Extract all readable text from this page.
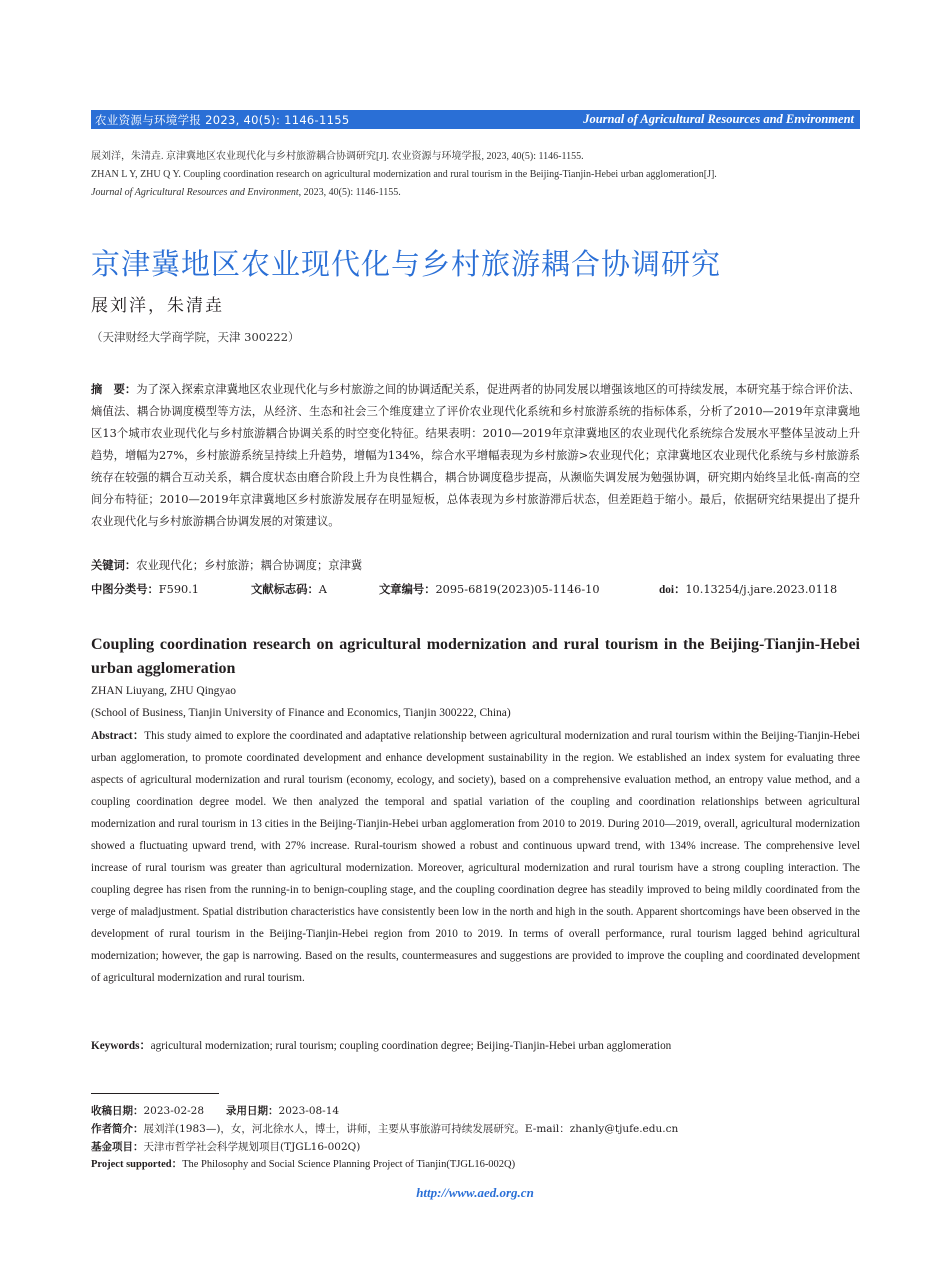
农业资源与环境学报 2023, 40(5): 1146-1155	Journal of Agricultural Resources and Environment
展刘洋，朱清垚. 京津冀地区农业现代化与乡村旅游耦合协调研究[J]. 农业资源与环境学报, 2023, 40(5): 1146-1155.
ZHAN L Y, ZHU Q Y. Coupling coordination research on agricultural modernization and rural tourism in the Beijing-Tianjin-Hebei urban agglomeration[J].
Journal of Agricultural Resources and Environment, 2023, 40(5): 1146-1155.
京津冀地区农业现代化与乡村旅游耦合协调研究
展刘洋，朱清垚
（天津财经大学商学院，天津 300222）
摘　要：为了深入探索京津冀地区农业现代化与乡村旅游之间的协调适配关系，促进两者的协同发展以增强该地区的可持续发展，本研究基于综合评价法、熵值法、耦合协调度模型等方法，从经济、生态和社会三个维度建立了评价农业现代化系统和乡村旅游系统的指标体系，分析了2010—2019年京津冀地区13个城市农业现代化与乡村旅游耦合协调关系的时空变化特征。结果表明：2010—2019年京津冀地区的农业现代化系统综合发展水平整体呈波动上升趋势，增幅为27%，乡村旅游系统呈持续上升趋势，增幅为134%，综合水平增幅表现为乡村旅游>农业现代化；京津冀地区农业现代化系统与乡村旅游系统存在较强的耦合互动关系，耦合度状态由磨合阶段上升为良性耦合，耦合协调度稳步提高，从濒临失调发展为勉强协调，研究期内始终呈北低-南高的空间分布特征；2010—2019年京津冀地区乡村旅游发展存在明显短板，总体表现为乡村旅游滞后状态，但差距趋于缩小。最后，依据研究结果提出了提升农业现代化与乡村旅游耦合协调发展的对策建议。
关键词：农业现代化；乡村旅游；耦合协调度；京津冀
中图分类号：F590.1	文献标志码：A	文章编号：2095-6819(2023)05-1146-10	doi：10.13254/j.jare.2023.0118
Coupling coordination research on agricultural modernization and rural tourism in the Beijing-Tianjin-Hebei urban agglomeration
ZHAN Liuyang, ZHU Qingyao
(School of Business, Tianjin University of Finance and Economics, Tianjin 300222, China)
Abstract：This study aimed to explore the coordinated and adaptative relationship between agricultural modernization and rural tourism within the Beijing-Tianjin-Hebei urban agglomeration, to promote coordinated development and enhance development sustainability in the region. We established an index system for evaluating three aspects of agricultural modernization and rural tourism (economy, ecology, and society), based on a comprehensive evaluation method, an entropy value method, and a coupling coordination degree model. We then analyzed the temporal and spatial variation of the coupling and coordination relationships between agricultural modernization and rural tourism in 13 cities in the Beijing-Tianjin-Hebei urban agglomeration from 2010 to 2019. During 2010—2019, overall, agricultural modernization showed a fluctuating upward trend, with 27% increase. Rural-tourism showed a robust and continuous upward trend, with 134% increase. The comprehensive level increase of rural tourism was greater than agricultural modernization. Moreover, agricultural modernization and rural tourism have a strong coupling interaction. The coupling degree has risen from the running-in to benign-coupling stage, and the coupling coordination degree has steadily improved to being mildly coordinated from the verge of maladjustment. Spatial distribution characteristics have consistently been low in the north and high in the south. Apparent shortcomings have been observed in the development of rural tourism in the Beijing-Tianjin-Hebei region from 2010 to 2019. In terms of overall performance, rural tourism lagged behind agricultural modernization; however, the gap is narrowing. Based on the results, countermeasures and suggestions are provided to improve the coupling and coordinated development of agricultural modernization and rural tourism.
Keywords：agricultural modernization; rural tourism; coupling coordination degree; Beijing-Tianjin-Hebei urban agglomeration
收稿日期：2023-02-28 录用日期：2023-08-14
作者简介：展刘洋(1983—)，女，河北徐水人，博士，讲师，主要从事旅游可持续发展研究。E-mail：zhanly@tjufe.edu.cn
基金项目：天津市哲学社会科学规划项目(TJGL16-002Q)
Project supported：The Philosophy and Social Science Planning Project of Tianjin(TJGL16-002Q)
http://www.aed.org.cn
